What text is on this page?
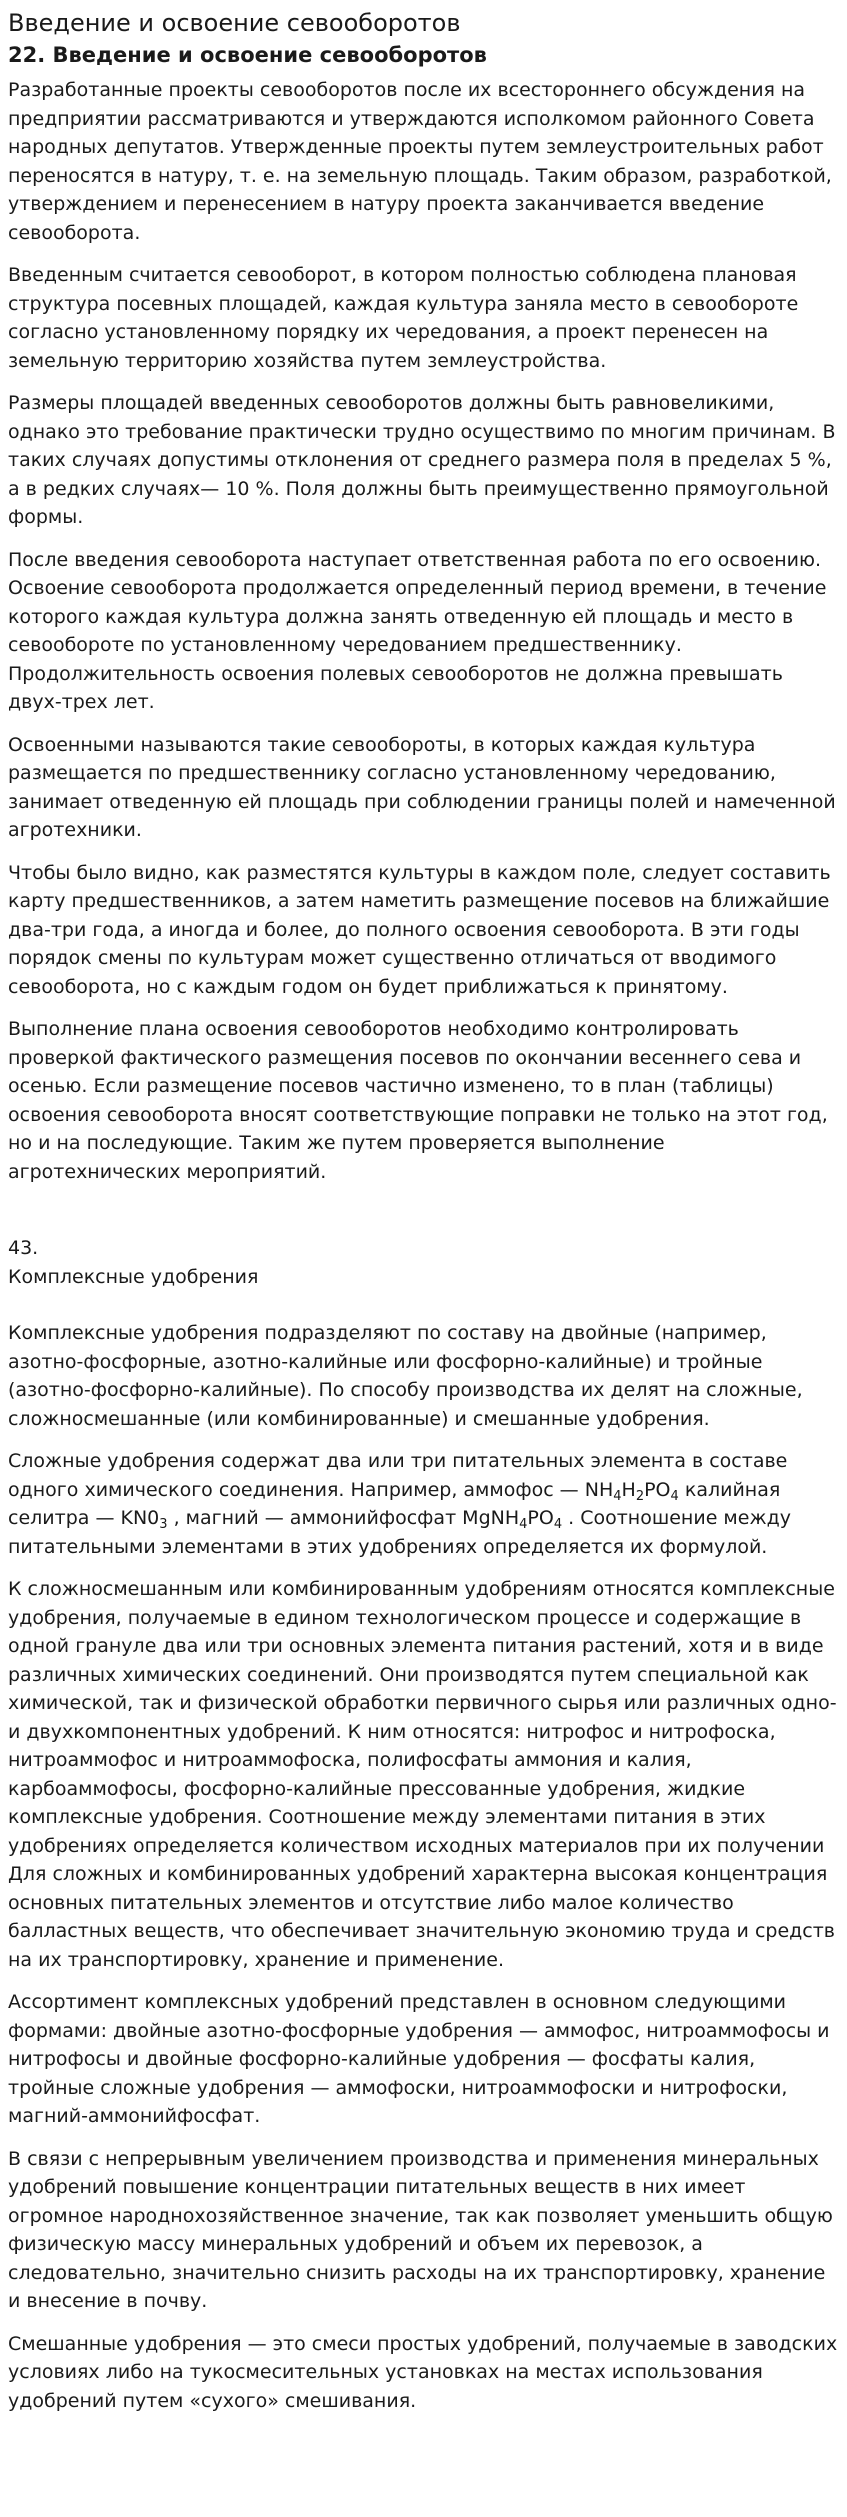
Введение и освоение севооборотов
22. Введение и освоение севооборотов

Разработанные проекты севооборотов после их всестороннего обсуждения на предприятии рассматриваются и утверждаются исполкомом районного Совета народных депутатов. Утвержденные проекты путем землеустроительных работ переносятся в натуру, т. е. на земельную площадь. Таким образом, разработкой, утверждением и перенесением в натуру проекта заканчивается введение севооборота.

Введенным считается севооборот, в котором полностью соблюдена плановая структура посевных площадей, каждая культура заняла место в севообороте согласно установленному порядку их чередования, а проект перенесен на земельную территорию хозяйства путем землеустройства.

Размеры площадей введенных севооборотов должны быть равновеликими, однако это требование практически трудно осуществимо по многим причинам. В таких случаях допустимы отклонения от среднего размера поля в пределах 5 %, а в редких случаях— 10 %. Поля должны быть преимущественно прямоугольной формы.

После введения севооборота наступает ответственная работа по его освоению. Освоение севооборота продолжается определенный период времени, в течение которого каждая культура должна занять отведенную ей площадь и место в севообороте по установленному чередованием предшественнику. Продолжительность освоения полевых севооборотов не должна превышать двух-трех лет.

Освоенными называются такие севообороты, в которых каждая культура размещается по предшественнику согласно установленному чередованию, занимает отведенную ей площадь при соблюдении границы полей и намеченной агротехники.

Чтобы было видно, как разместятся культуры в каждом поле, следует составить карту предшественников, а затем наметить размещение посевов на ближайшие два-три года, а иногда и более, до полного освоения севооборота. В эти годы порядок смены по культурам может существенно отличаться от вводимого севооборота, но с каждым годом он будет приближаться к принятому.

Выполнение плана освоения севооборотов необходимо контролировать проверкой фактического размещения посевов по окончании весеннего сева и осенью. Если размещение посевов частично изменено, то в план (таблицы) освоения севооборота вносят соответствующие поправки не только на этот год, но и на последующие. Таким же путем проверяется выполнение агротехнических мероприятий.

43.

Комплексные удобрения

Комплексные удобрения подразделяют по составу на двойные (например, азотно-фосфорные, азотно-калийные или фосфорно-калийные) и тройные (азотно-фосфорно-калийные). По способу производства их делят на сложные, сложносмешанные (или комбинированные) и смешанные удобрения.

Сложные удобрения содержат два или три питательных элемента в составе одного химического соединения. Например, аммофос — $NH_4H_2PO_4$ калийная селитра — $KN0_3$ , магний — аммонийфосфат $MgNH_4PO_4$ . Соотношение между питательными элементами в этих удобрениях определяется их формулой.

К сложносмешанным или комбинированным удобрениям относятся комплексные удобрения, получаемые в едином технологическом процессе и содержащие в одной грануле два или три основных элемента питания растений, хотя и в виде различных химических соединений. Они производятся путем специальной как химической, так и физической обработки первичного сырья или различных одно-и двухкомпонентных удобрений. К ним относятся: нитрофос и нитрофоска, нитроаммофос и нитроаммофоска, полифосфаты аммония и калия, карбоаммофосы, фосфорно-калийные прессованные удобрения, жидкие комплексные удобрения. Соотношение между элементами питания в этих удобрениях определяется количеством исходных материалов при их получении Для сложных и комбинированных удобрений характерна высокая концентрация основных питательных элементов и отсутствие либо малое количество балластных веществ, что обеспечивает значительную экономию труда и средств на их транспортировку, хранение и применение.

Ассортимент комплексных удобрений представлен в основном следующими формами: двойные азотно-фосфорные удобрения — аммофос, нитроаммофосы и нитрофосы и двойные фосфорно-калийные удобрения — фосфаты калия, тройные сложные удобрения — аммофоски, нитроаммофоски и нитрофоски, магний-аммонийфосфат.

В связи с непрерывным увеличением производства и применения минеральных удобрений повышение концентрации питательных веществ в них имеет огромное народнохозяйственное значение, так как позволяет уменьшить общую физическую массу минеральных удобрений и объем их перевозок, а следовательно, значительно снизить расходы на их транспортировку, хранение и внесение в почву.

Смешанные удобрения — это смеси простых удобрений, получаемые в заводских условиях либо на тукосмесительных установках на местах использования удобрений путем «сухого» смешивания.
